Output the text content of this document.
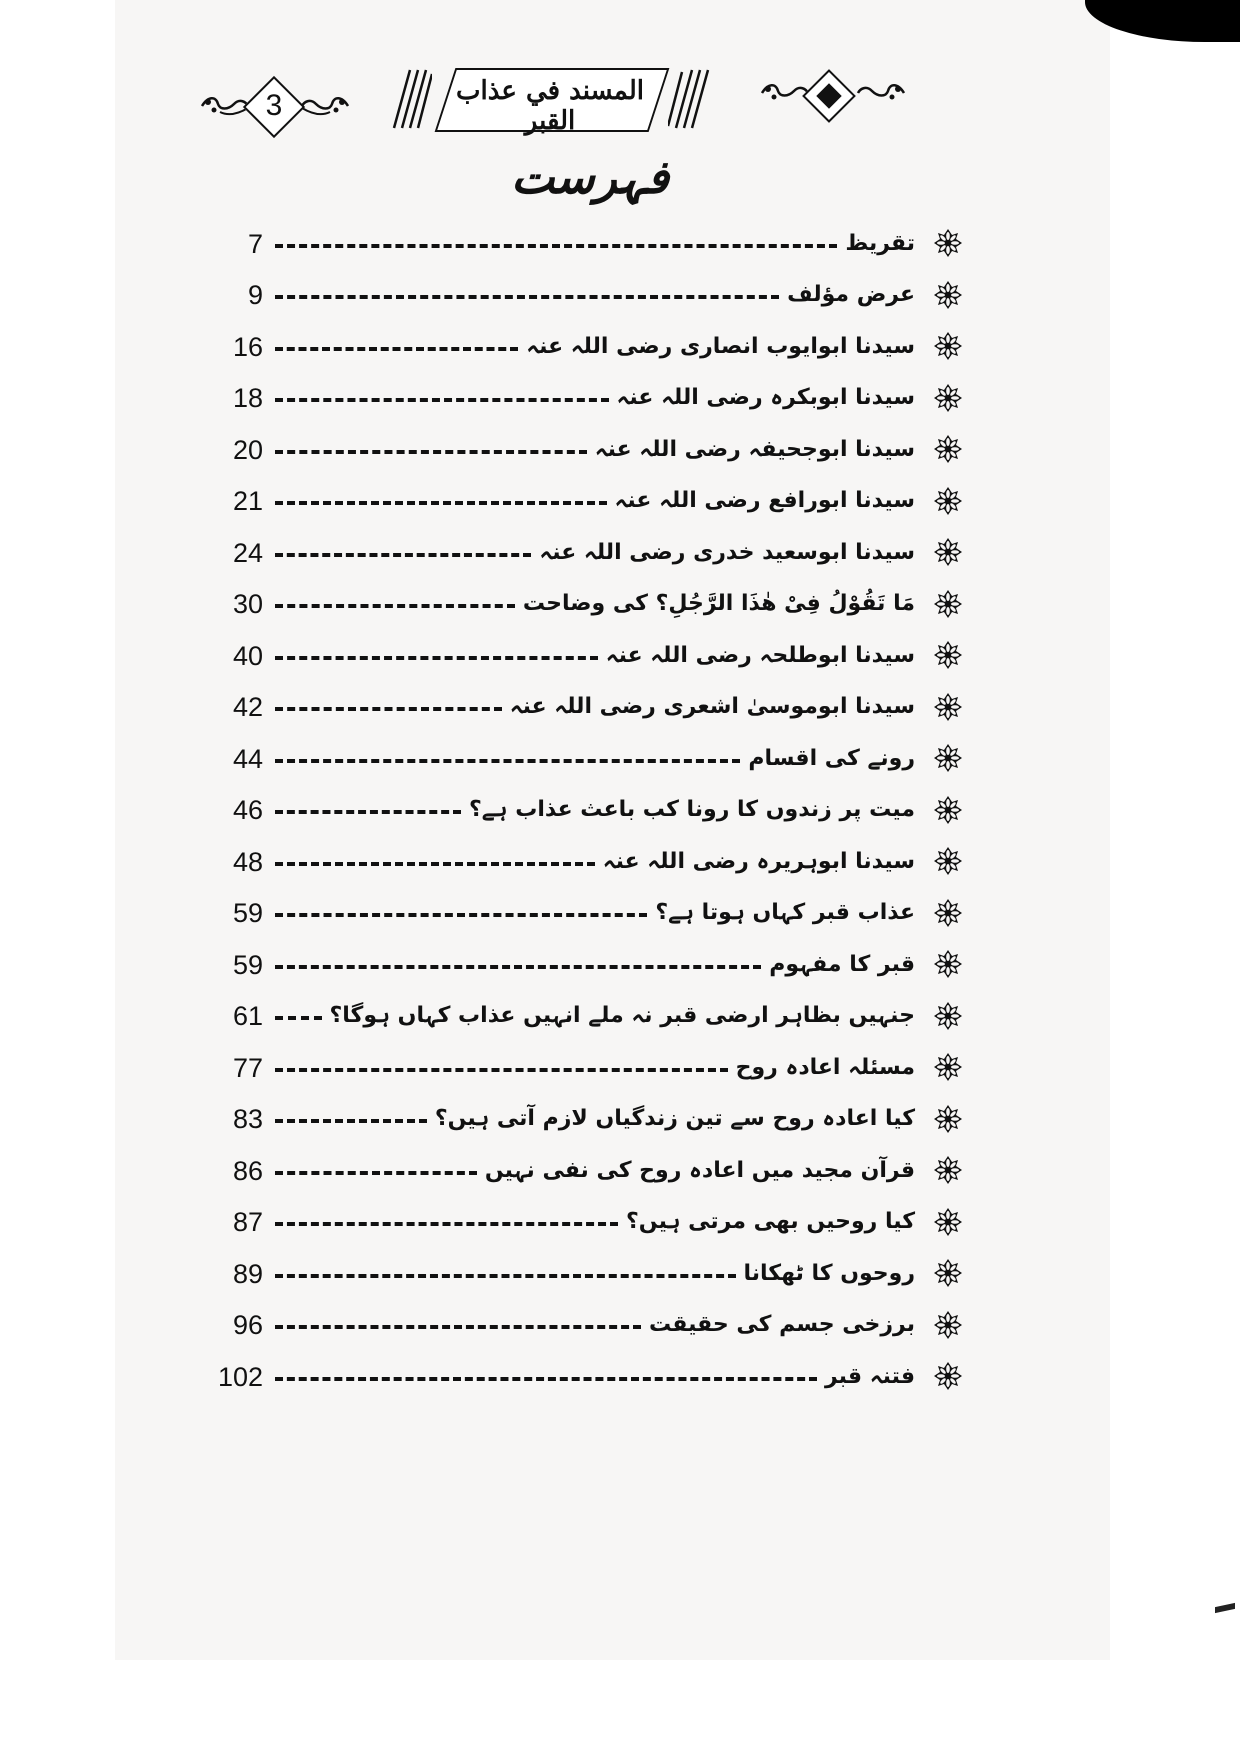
3	المسند في عذاب القبر
فہرست
7	تقریظ
9	عرض مؤلف
16	سیدنا ابوایوب انصاری رضی اللہ عنہ
18	سیدنا ابوبکرہ رضی اللہ عنہ
20	سیدنا ابوجحیفہ رضی اللہ عنہ
21	سیدنا ابورافع رضی اللہ عنہ
24	سیدنا ابوسعید خدری رضی اللہ عنہ
30	مَا تَقُوْلُ فِیْ ھٰذَا الرَّجُلِ؟ کی وضاحت
40	سیدنا ابوطلحہ رضی اللہ عنہ
42	سیدنا ابوموسیٰ اشعری رضی اللہ عنہ
44	رونے کی اقسام
46	میت پر زندوں کا رونا کب باعث عذاب ہے؟
48	سیدنا ابوہریرہ رضی اللہ عنہ
59	عذاب قبر کہاں ہوتا ہے؟
59	قبر کا مفہوم
61	جنہیں بظاہر ارضی قبر نہ ملے انہیں عذاب کہاں ہوگا؟
77	مسئلہ اعادہ روح
83	کیا اعادہ روح سے تین زندگیاں لازم آتی ہیں؟
86	قرآن مجید میں اعادہ روح کی نفی نہیں
87	کیا روحیں بھی مرتی ہیں؟
89	روحوں کا ٹھکانا
96	برزخی جسم کی حقیقت
102	فتنہ قبر
